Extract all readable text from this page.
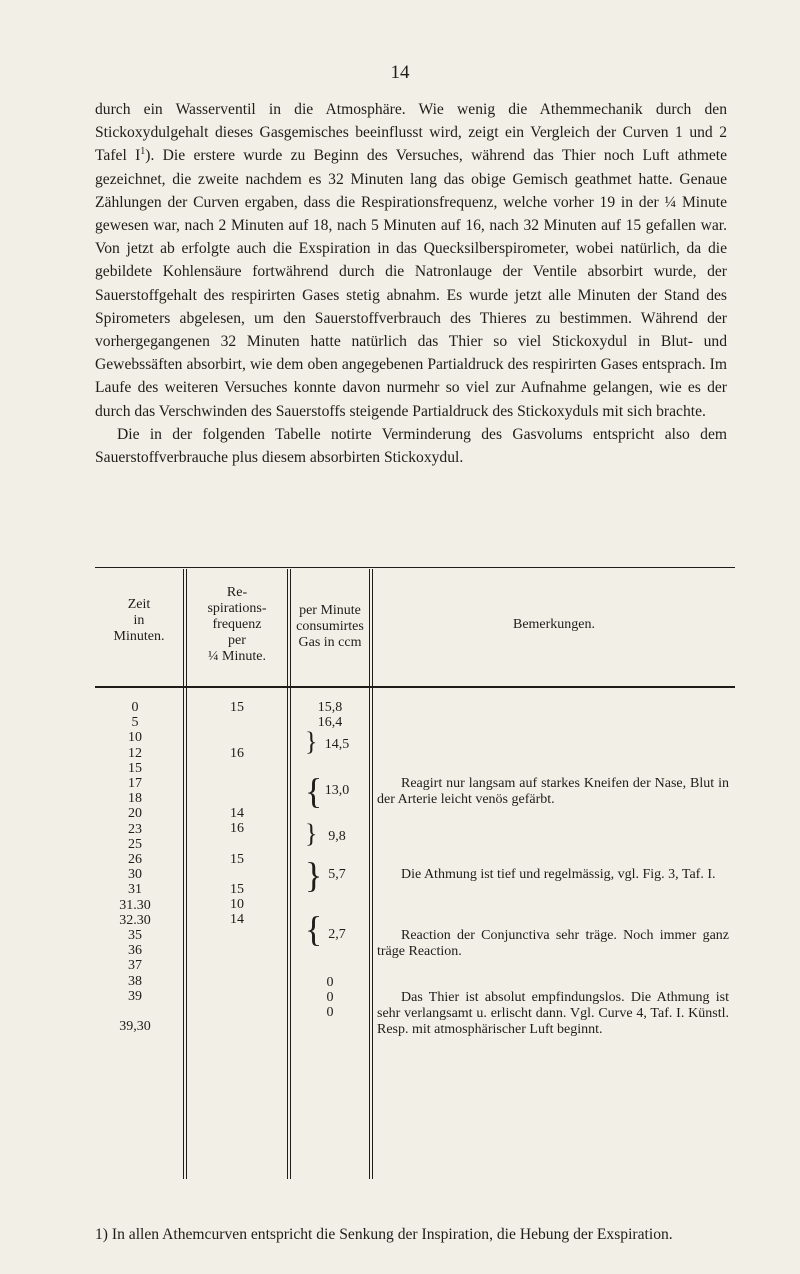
14

durch ein Wasserventil in die Atmosphäre. Wie wenig die Athemmechanik durch den Stickoxydulgehalt dieses Gasgemisches beeinflusst wird, zeigt ein Vergleich der Curven 1 und 2 Tafel $I^1$). Die erstere wurde zu Beginn des Versuches, während das Thier noch Luft athmete gezeichnet, die zweite nachdem es 32 Minuten lang das obige Gemisch geathmet hatte. Genaue Zählungen der Curven ergaben, dass die Respirationsfrequenz, welche vorher 19 in der ¼ Minute gewesen war, nach 2 Minuten auf 18, nach 5 Minuten auf 16, nach 32 Minuten auf 15 gefallen war. Von jetzt ab erfolgte auch die Exspiration in das Quecksilberspirometer, wobei natürlich, da die gebildete Kohlensäure fortwährend durch die Natronlauge der Ventile absorbirt wurde, der Sauerstoffgehalt des respirirten Gases stetig abnahm. Es wurde jetzt alle Minuten der Stand des Spirometers abgelesen, um den Sauerstoffverbrauch des Thieres zu bestimmen. Während der vorhergegangenen 32 Minuten hatte natürlich das Thier so viel Stickoxydul in Blut- und Gewebssäften absorbirt, wie dem oben angegebenen Partialdruck des respirirten Gases entsprach. Im Laufe des weiteren Versuches konnte davon nurmehr so viel zur Aufnahme gelangen, wie es der durch das Verschwinden des Sauerstoffs steigende Partialdruck des Stickoxyduls mit sich brachte.

Die in der folgenden Tabelle notirte Verminderung des Gasvolums entspricht also dem Sauerstoffverbrauche plus diesem absorbirten Stickoxydul.

Zeit
in
Minuten.
Re-
spirations-
frequenz
per
¼ Minute.
per Minute
consumirtes
Gas in ccm
Bemerkungen.
0
5
10
12
15
17
18
20
23
25
26
30
31
31.30
32.30
35
36
37
38
39
39,30
15
16
14
16
15
15
10
14
15,8
16,4
} 14,5
{ 13,0
} 9,8
} 5,7
{ 2,7
0
0
0
Reagirt nur langsam auf starkes Kneifen der Nase, Blut in der Arterie leicht venös gefärbt.
Die Athmung ist tief und regelmässig, vgl. Fig. 3, Taf. I.
Reaction der Conjunctiva sehr träge. Noch immer ganz träge Reaction.
Das Thier ist absolut empfindungslos. Die Athmung ist sehr verlangsamt u. erlischt dann. Vgl. Curve 4, Taf. I. Künstl. Resp. mit atmosphärischer Luft beginnt.
1) In allen Athemcurven entspricht die Senkung der Inspiration, die Hebung der Exspiration.
